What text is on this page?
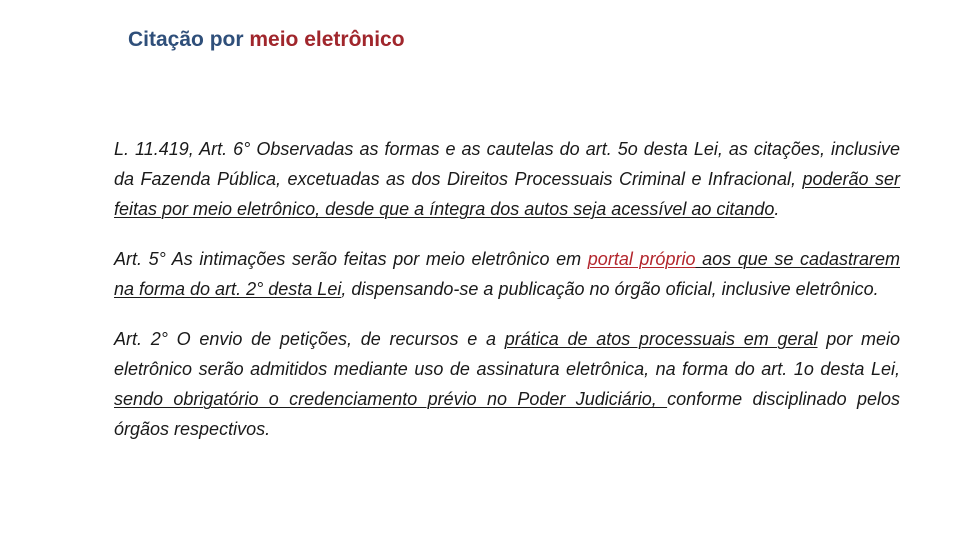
Citação por meio eletrônico

L. 11.419, Art. 6° Observadas as formas e as cautelas do art. 5o desta Lei, as citações, inclusive da Fazenda Pública, excetuadas as dos Direitos Processuais Criminal e Infracional, poderão ser feitas por meio eletrônico, desde que a íntegra dos autos seja acessível ao citando.

Art. 5° As intimações serão feitas por meio eletrônico em portal próprio aos que se cadastrarem na forma do art. 2° desta Lei, dispensando-se a publicação no órgão oficial, inclusive eletrônico.

Art. 2° O envio de petições, de recursos e a prática de atos processuais em geral por meio eletrônico serão admitidos mediante uso de assinatura eletrônica, na forma do art. 1o desta Lei, sendo obrigatório o credenciamento prévio no Poder Judiciário, conforme disciplinado pelos órgãos respectivos.
